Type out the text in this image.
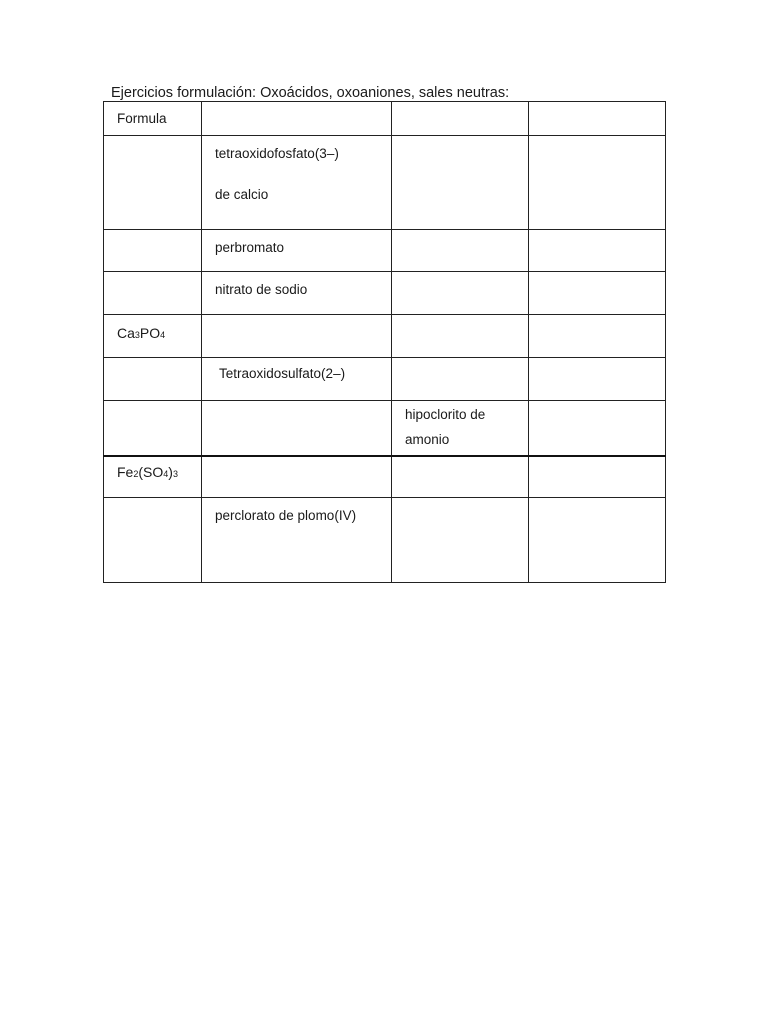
Ejercicios formulación: Oxoácidos, oxoaniones, sales neutras:
Formula			

	tetraoxidofosfato(3–)
de calcio		

	perbromato		

	nitrato de sodio		

Ca3PO4			

	Tetraoxidosulfato(2–)		

		hipoclorito de
amonio	

Fe2(SO4)3			

	perclorato de plomo(IV)		
